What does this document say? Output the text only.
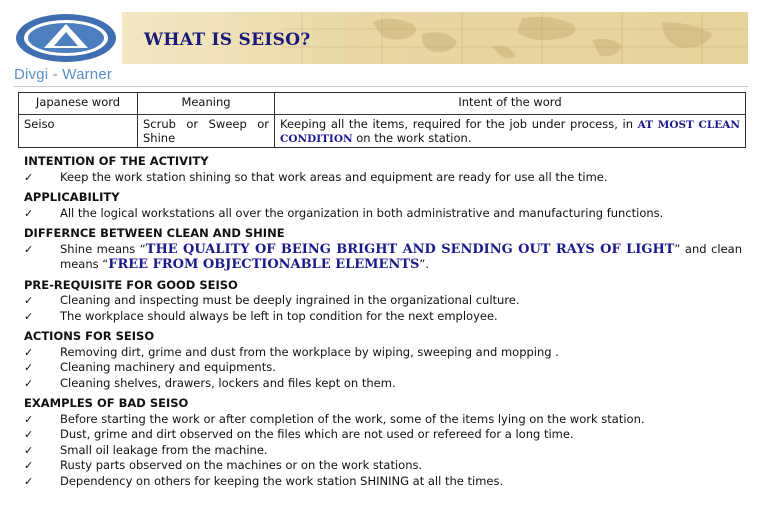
Divgi - Warner
WHAT IS SEISO?
Japanese word	Meaning	Intent of the word
Seiso	Scrub or Sweep or Shine	Keeping all the items, required for the job under process, in AT MOST CLEAN CONDITION on the work station.
INTENTION OF THE ACTIVITY
✓ Keep the work station shining so that work areas and equipment are ready for use all the time.
APPLICABILITY
✓ All the logical workstations all over the organization in both administrative and manufacturing functions.
DIFFERNCE BETWEEN CLEAN AND SHINE
✓ Shine means “THE QUALITY OF BEING BRIGHT AND SENDING OUT RAYS OF LIGHT” and clean means “FREE FROM OBJECTIONABLE ELEMENTS”.
PRE-REQUISITE FOR GOOD SEISO
✓ Cleaning and inspecting must be deeply ingrained in the organizational culture.
✓ The workplace should always be left in top condition for the next employee.
ACTIONS FOR SEISO
✓ Removing dirt, grime and dust from the workplace by wiping, sweeping and mopping .
✓ Cleaning machinery and equipments.
✓ Cleaning shelves, drawers, lockers and files kept on them.
EXAMPLES OF BAD SEISO
✓ Before starting the work or after completion of the work, some of the items lying on the work station.
✓ Dust, grime and dirt observed on the files which are not used or refereed for a long time.
✓ Small oil leakage from the machine.
✓ Rusty parts observed on the machines or on the work stations.
✓ Dependency on others for keeping the work station SHINING at all the times.
